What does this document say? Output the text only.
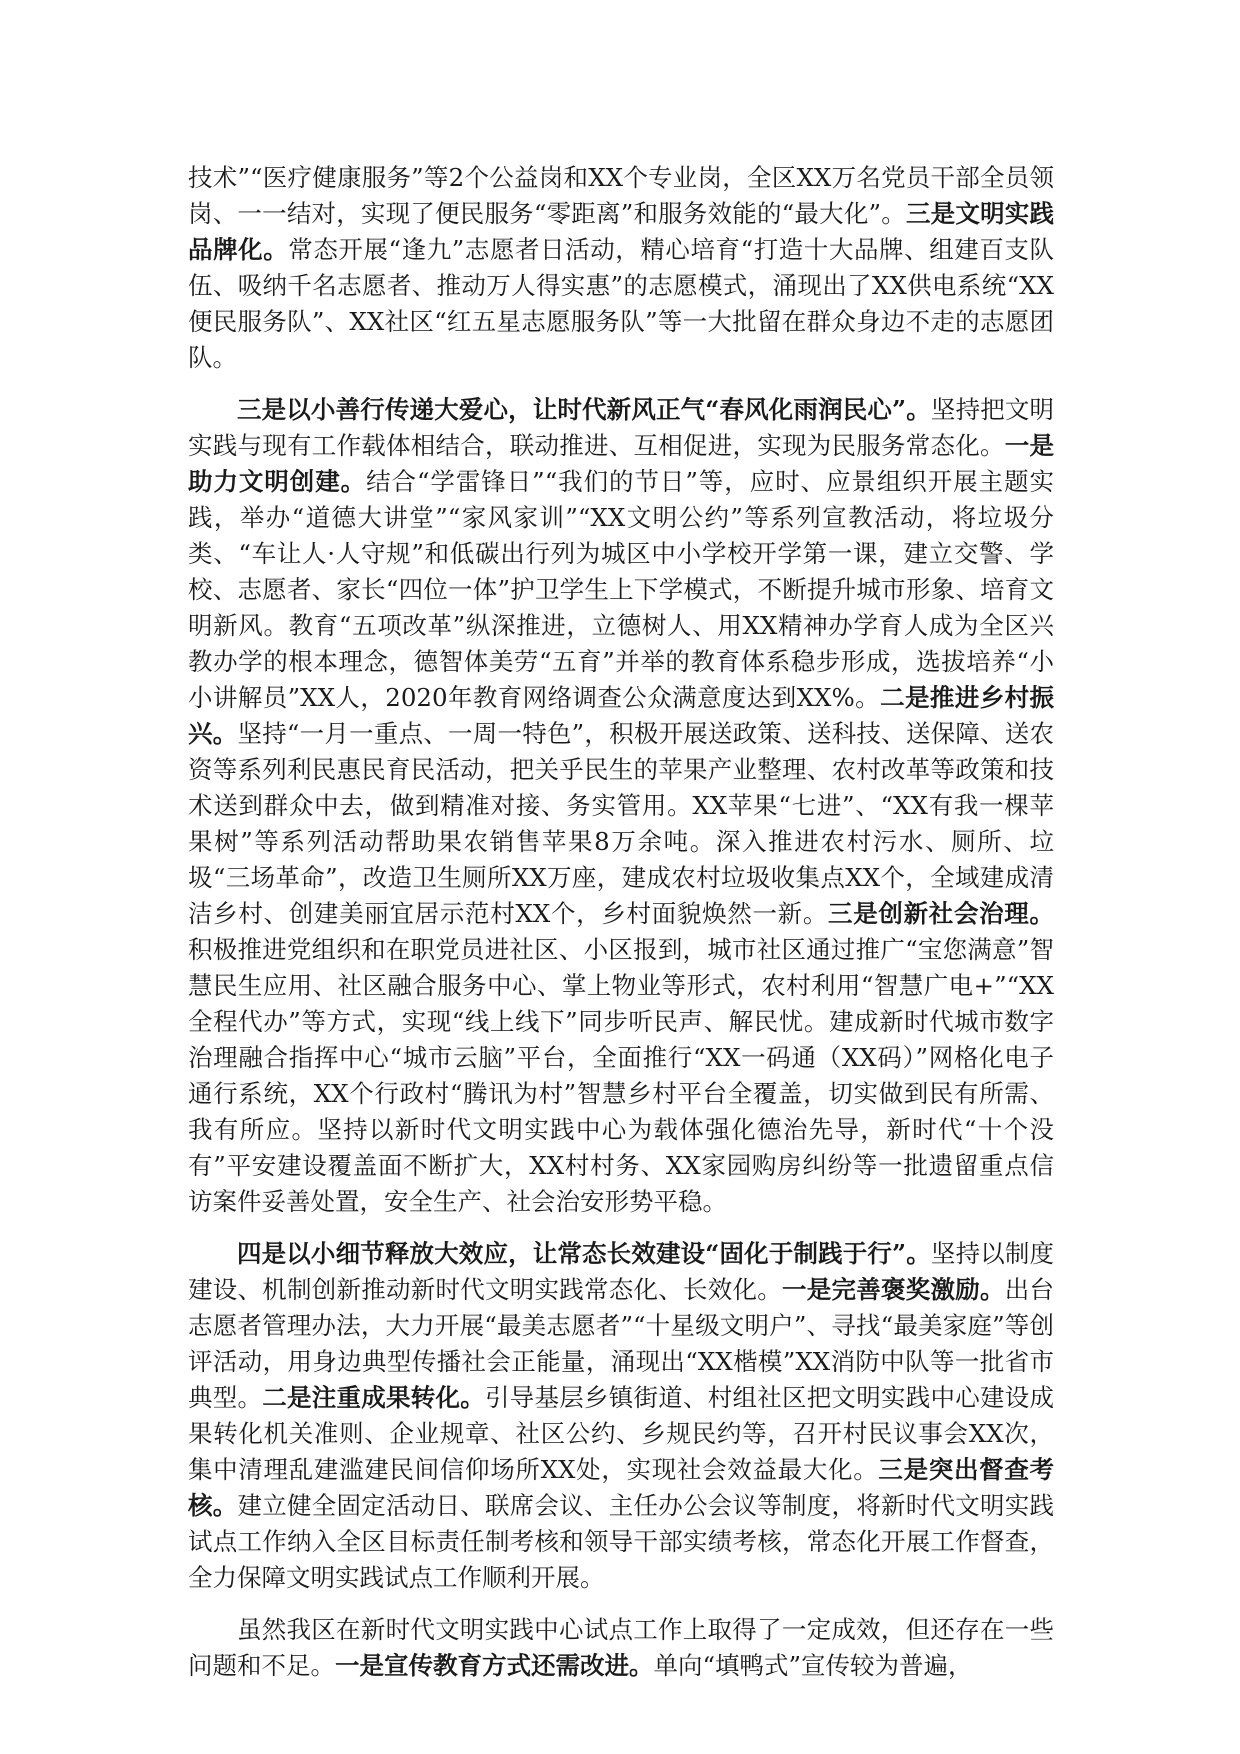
技术”“医疗健康服务”等2个公益岗和XX个专业岗，全区XX万名党员干部全员领岗、一一结对，实现了便民服务“零距离”和服务效能的“最大化”。三是文明实践品牌化。常态开展“逢九”志愿者日活动，精心培育“打造十大品牌、组建百支队伍、吸纳千名志愿者、推动万人得实惠”的志愿模式，涌现出了XX供电系统“XX便民服务队”、XX社区“红五星志愿服务队”等一大批留在群众身边不走的志愿团队。

三是以小善行传递大爱心，让时代新风正气“春风化雨润民心”。坚持把文明实践与现有工作载体相结合，联动推进、互相促进，实现为民服务常态化。一是助力文明创建。结合“学雷锋日”“我们的节日”等，应时、应景组织开展主题实践，举办“道德大讲堂”“家风家训”“XX文明公约”等系列宣教活动，将垃圾分类、“车让人·人守规”和低碳出行列为城区中小学校开学第一课，建立交警、学校、志愿者、家长“四位一体”护卫学生上下学模式，不断提升城市形象、培育文明新风。教育“五项改革”纵深推进，立德树人、用XX精神办学育人成为全区兴教办学的根本理念，德智体美劳“五育”并举的教育体系稳步形成，选拔培养“小小讲解员”XX人，2020年教育网络调查公众满意度达到XX%。二是推进乡村振兴。坚持“一月一重点、一周一特色”，积极开展送政策、送科技、送保障、送农资等系列利民惠民育民活动，把关乎民生的苹果产业整理、农村改革等政策和技术送到群众中去，做到精准对接、务实管用。XX苹果“七进”、“XX有我一棵苹果树”等系列活动帮助果农销售苹果8万余吨。深入推进农村污水、厕所、垃圾“三场革命”，改造卫生厕所XX万座，建成农村垃圾收集点XX个，全域建成清洁乡村、创建美丽宜居示范村XX个，乡村面貌焕然一新。三是创新社会治理。积极推进党组织和在职党员进社区、小区报到，城市社区通过推广“宝您满意”智慧民生应用、社区融合服务中心、掌上物业等形式，农村利用“智慧广电+”“XX全程代办”等方式，实现“线上线下”同步听民声、解民忧。建成新时代城市数字治理融合指挥中心“城市云脑”平台，全面推行“XX一码通（XX码）”网格化电子通行系统，XX个行政村“腾讯为村”智慧乡村平台全覆盖，切实做到民有所需、我有所应。坚持以新时代文明实践中心为载体强化德治先导，新时代“十个没有”平安建设覆盖面不断扩大，XX村村务、XX家园购房纠纷等一批遗留重点信访案件妥善处置，安全生产、社会治安形势平稳。

四是以小细节释放大效应，让常态长效建设“固化于制践于行”。坚持以制度建设、机制创新推动新时代文明实践常态化、长效化。一是完善褒奖激励。出台志愿者管理办法，大力开展“最美志愿者”“十星级文明户”、寻找“最美家庭”等创评活动，用身边典型传播社会正能量，涌现出“XX楷模”XX消防中队等一批省市典型。二是注重成果转化。引导基层乡镇街道、村组社区把文明实践中心建设成果转化机关准则、企业规章、社区公约、乡规民约等，召开村民议事会XX次，集中清理乱建滥建民间信仰场所XX处，实现社会效益最大化。三是突出督查考核。建立健全固定活动日、联席会议、主任办公会议等制度，将新时代文明实践试点工作纳入全区目标责任制考核和领导干部实绩考核，常态化开展工作督查，全力保障文明实践试点工作顺利开展。

虽然我区在新时代文明实践中心试点工作上取得了一定成效，但还存在一些问题和不足。一是宣传教育方式还需改进。单向“填鸭式”宣传较为普遍，
